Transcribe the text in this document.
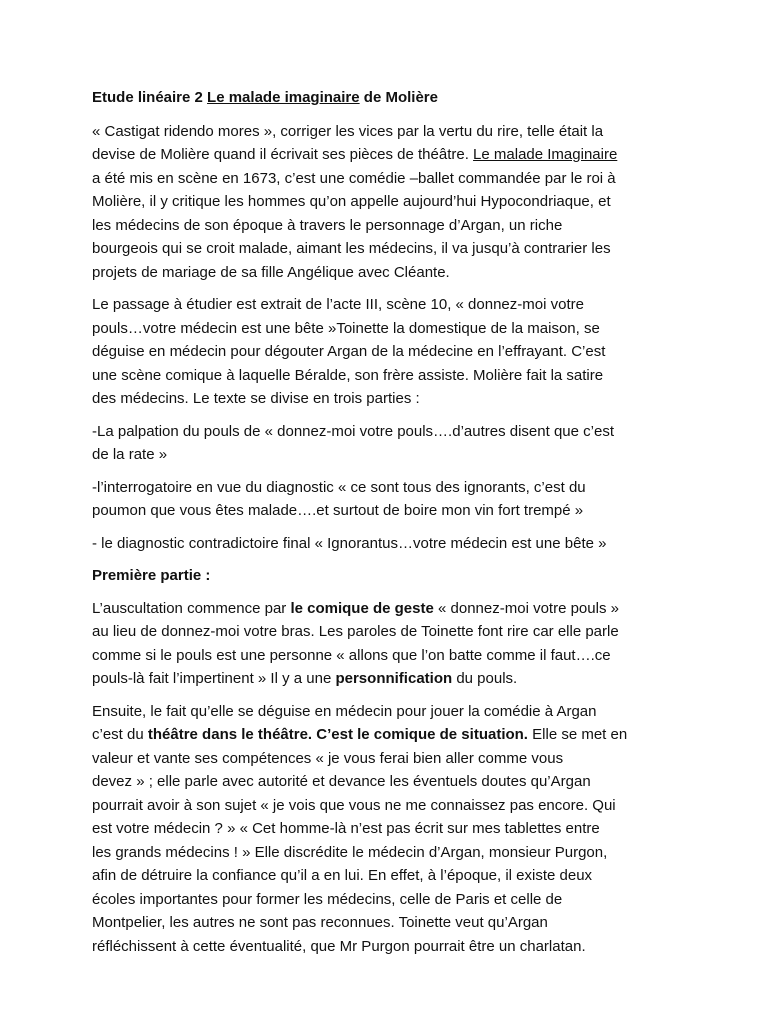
Etude linéaire 2 Le malade imaginaire de Molière
« Castigat ridendo mores », corriger les vices par la vertu du rire, telle était la
devise de Molière quand il écrivait ses pièces de théâtre. Le malade Imaginaire
a été mis en scène en 1673, c’est une comédie –ballet commandée par le roi à
Molière, il y critique les hommes qu’on appelle aujourd’hui Hypocondriaque, et
les médecins de son époque à travers le personnage d’Argan, un riche
bourgeois qui se croit malade, aimant les médecins, il va jusqu’à contrarier les
projets de mariage de sa fille Angélique avec Cléante.
Le passage à étudier est extrait de l’acte III, scène 10, « donnez-moi votre
pouls…votre médecin est une bête »Toinette la domestique de la maison, se
déguise en médecin pour dégouter Argan de la médecine en l’effrayant. C’est
une scène comique à laquelle Béralde, son frère assiste. Molière fait la satire
des médecins. Le texte se divise en trois parties :
-La palpation du pouls de « donnez-moi votre pouls….d’autres disent que c’est
de la rate »
-l’interrogatoire en vue du diagnostic « ce sont tous des ignorants, c’est du
poumon que vous êtes malade….et surtout de boire mon vin fort trempé »
- le diagnostic contradictoire final « Ignorantus…votre médecin est une bête »
Première partie :
L’auscultation commence par le comique de geste « donnez-moi votre pouls »
au lieu de donnez-moi votre bras. Les paroles de Toinette font rire car elle parle
comme si le pouls est une personne « allons que l’on batte comme il faut….ce
pouls-là fait l’impertinent » Il y a une personnification du pouls.
Ensuite, le fait qu’elle se déguise en médecin pour jouer la comédie à Argan
c’est du théâtre dans le théâtre. C’est le comique de situation. Elle se met en
valeur et vante ses compétences « je vous ferai bien aller comme vous
devez » ; elle parle avec autorité et devance les éventuels doutes qu’Argan
pourrait avoir à son sujet « je vois que vous ne me connaissez pas encore. Qui
est votre médecin ? » « Cet homme-là n’est pas écrit sur mes tablettes entre
les grands médecins ! » Elle discrédite le médecin d’Argan, monsieur Purgon,
afin de détruire la confiance qu’il a en lui. En effet, à l’époque, il existe deux
écoles importantes pour former les médecins, celle de Paris et celle de
Montpelier, les autres ne sont pas reconnues. Toinette veut qu’Argan
réfléchissent à cette éventualité, que Mr Purgon pourrait être un charlatan.
